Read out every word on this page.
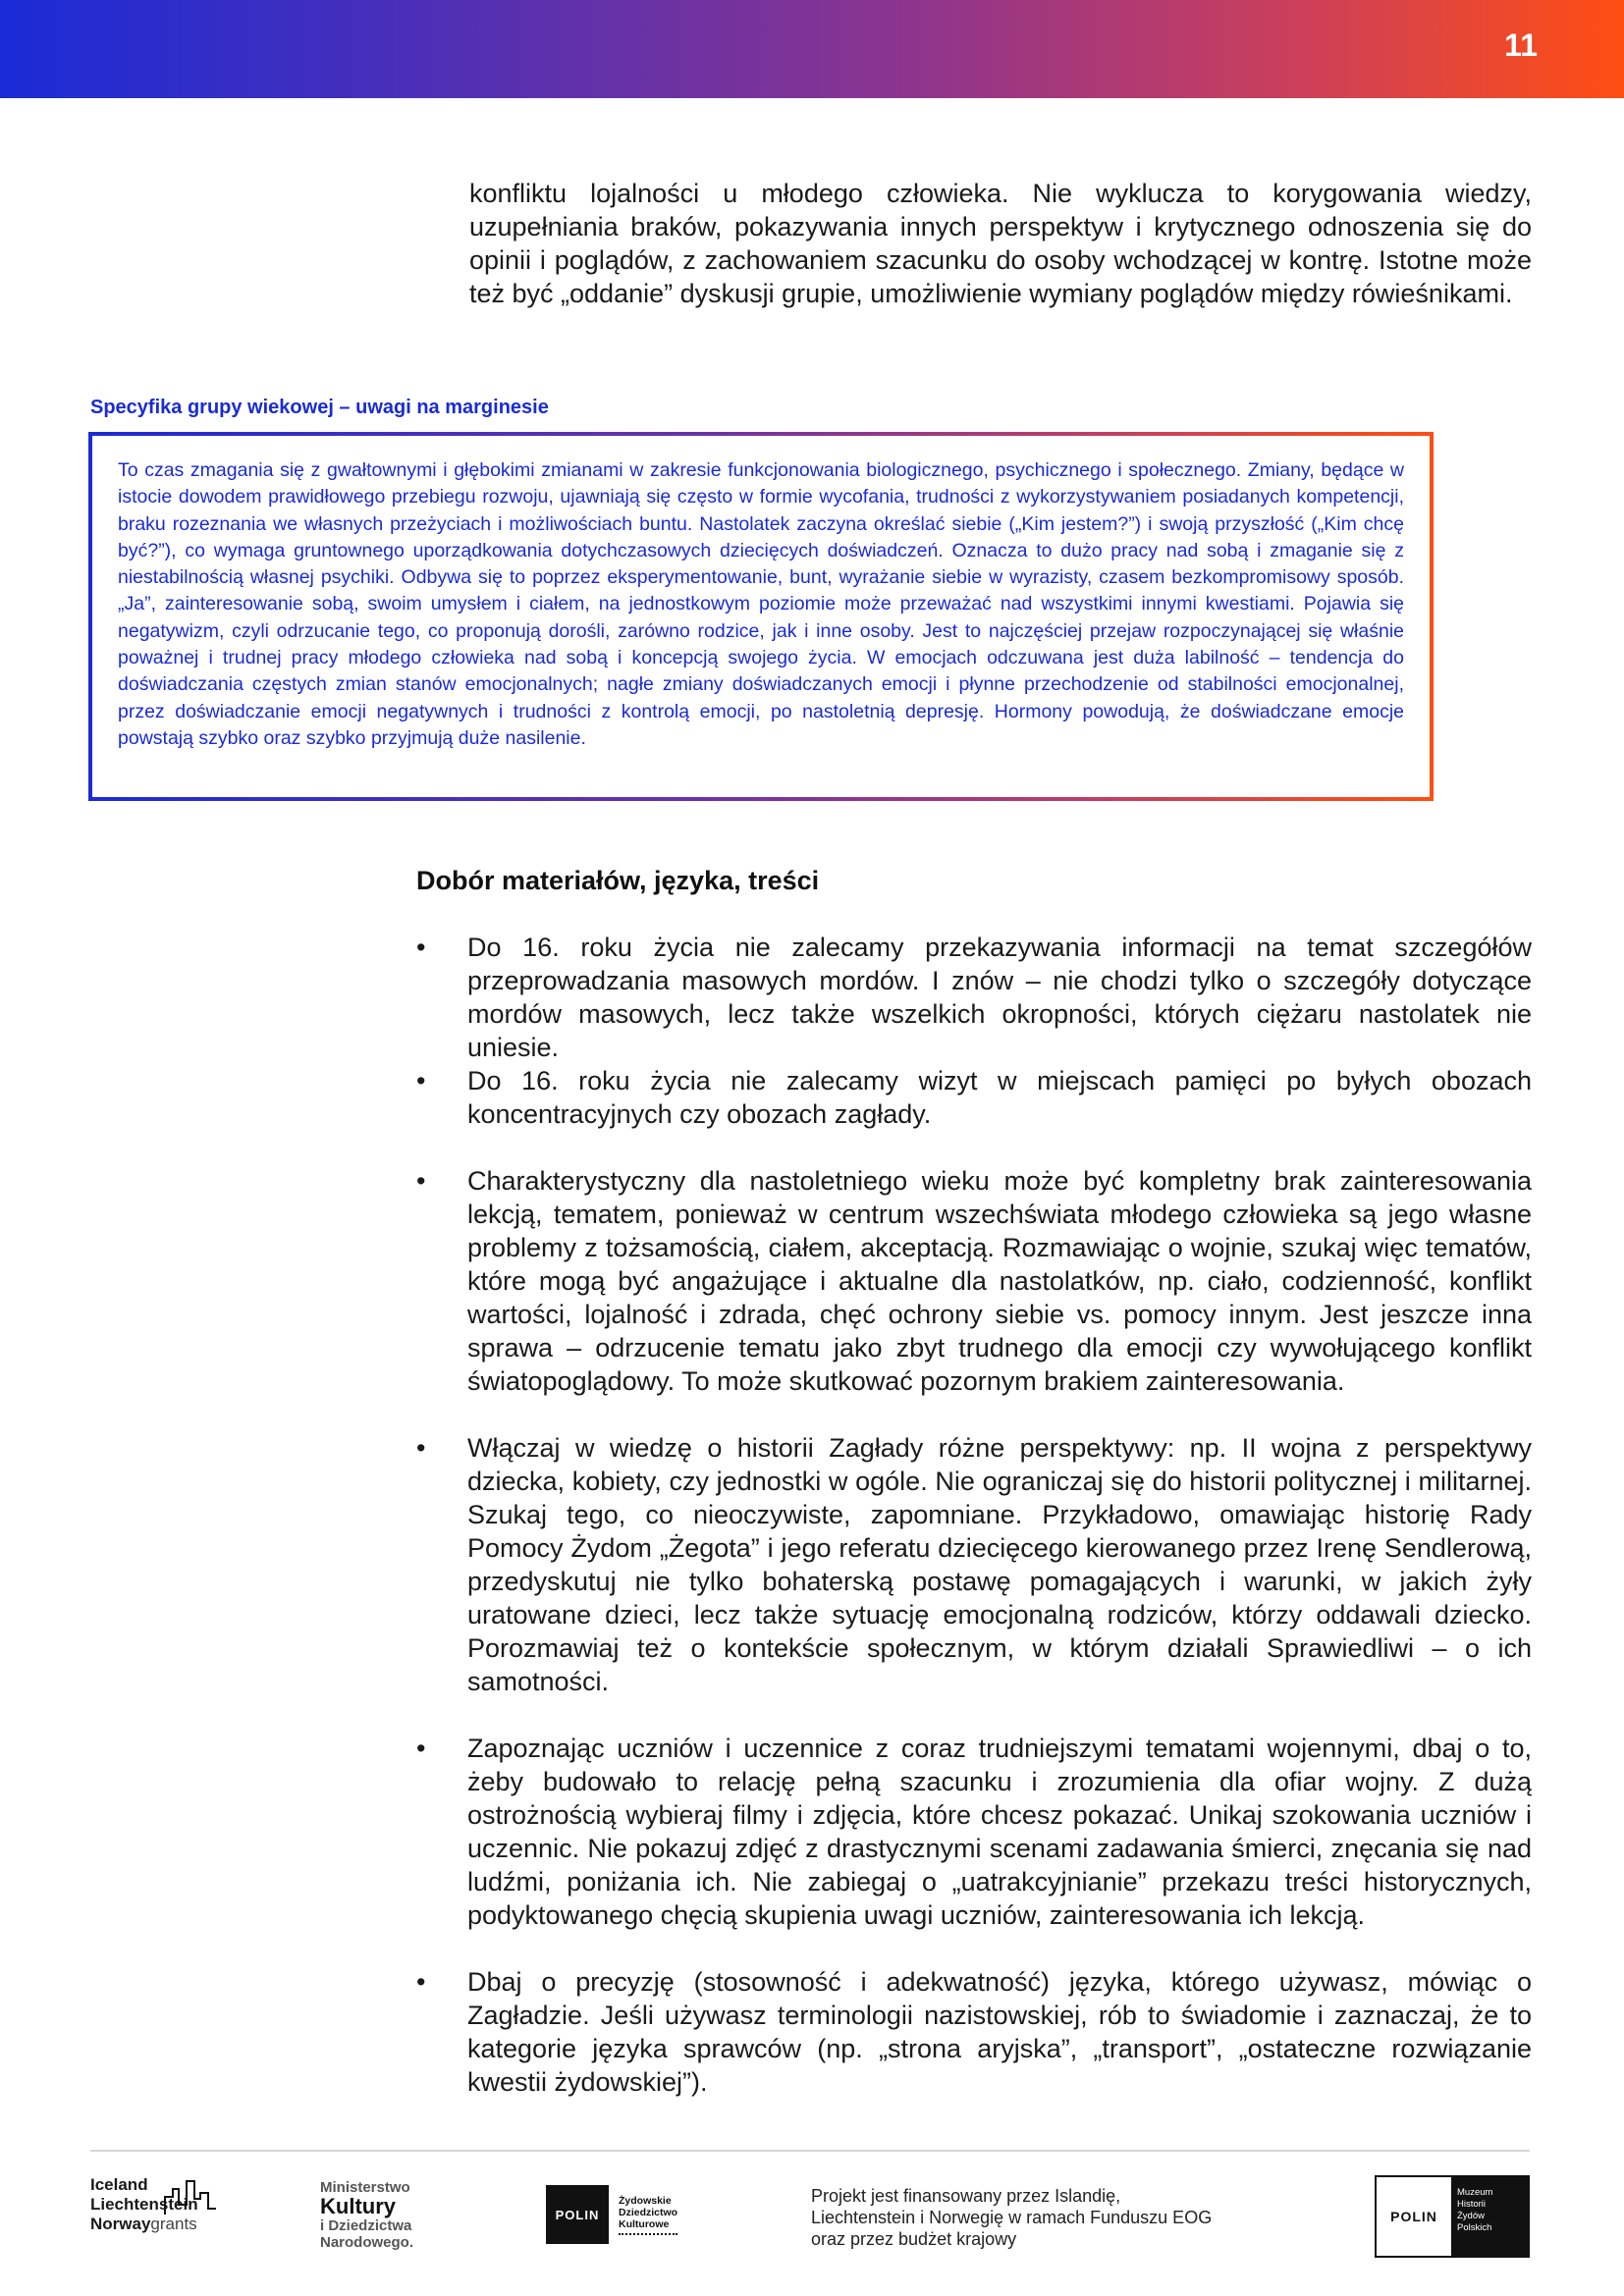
11

konfliktu lojalności u młodego człowieka. Nie wyklucza to korygowania wiedzy, uzupełniania braków, pokazywania innych perspektyw i krytycznego odnoszenia się do opinii i poglądów, z zachowaniem szacunku do osoby wchodzącej w kontrę. Istotne może też być „oddanie” dyskusji grupie, umożliwienie wymiany poglądów między rówieśnikami.

Specyfika grupy wiekowej – uwagi na marginesie

To czas zmagania się z gwałtownymi i głębokimi zmianami w zakresie funkcjonowania biologicznego, psychicznego i społecznego. Zmiany, będące w istocie dowodem prawidłowego przebiegu rozwoju, ujawniają się często w formie wycofania, trudności z wykorzystywaniem posiadanych kompetencji, braku rozeznania we własnych przeżyciach i możliwościach buntu. Nastolatek zaczyna określać siebie („Kim jestem?”) i swoją przyszłość („Kim chcę być?”), co wymaga gruntownego uporządkowania dotychczasowych dziecięcych doświadczeń. Oznacza to dużo pracy nad sobą i zmaganie się z niestabilnością własnej psychiki. Odbywa się to poprzez eksperymentowanie, bunt, wyrażanie siebie w wyrazisty, czasem bezkompromisowy sposób. „Ja”, zainteresowanie sobą, swoim umysłem i ciałem, na jednostkowym poziomie może przeważać nad wszystkimi innymi kwestiami. Pojawia się negatywizm, czyli odrzucanie tego, co proponują dorośli, zarówno rodzice, jak i inne osoby. Jest to najczęściej przejaw rozpoczynającej się właśnie poważnej i trudnej pracy młodego człowieka nad sobą i koncepcją swojego życia. W emocjach odczuwana jest duża labilność – tendencja do doświadczania częstych zmian stanów emocjonalnych; nagłe zmiany doświadczanych emocji i płynne przechodzenie od stabilności emocjonalnej, przez doświadczanie emocji negatywnych i trudności z kontrolą emocji, po nastoletnią depresję. Hormony powodują, że doświadczane emocje powstają szybko oraz szybko przyjmują duże nasilenie.

Dobór materiałów, języka, treści
•	Do 16. roku życia nie zalecamy przekazywania informacji na temat szczegółów przeprowadzania masowych mordów. I znów – nie chodzi tylko o szczegóły dotyczące mordów masowych, lecz także wszelkich okropności, których ciężaru nastolatek nie uniesie.
•	Do 16. roku życia nie zalecamy wizyt w miejscach pamięci po byłych obozach koncentracyjnych czy obozach zagłady.
•	Charakterystyczny dla nastoletniego wieku może być kompletny brak zainteresowania lekcją, tematem, ponieważ w centrum wszechświata młodego człowieka są jego własne problemy z tożsamością, ciałem, akceptacją. Rozmawiając o wojnie, szukaj więc tematów, które mogą być angażujące i aktualne dla nastolatków, np. ciało, codzienność, konflikt wartości, lojalność i zdrada, chęć ochrony siebie vs. pomocy innym. Jest jeszcze inna sprawa – odrzucenie tematu jako zbyt trudnego dla emocji czy wywołującego konflikt światopoglądowy. To może skutkować pozornym brakiem zainteresowania.
•	Włączaj w wiedzę o historii Zagłady różne perspektywy: np. II wojna z perspektywy dziecka, kobiety, czy jednostki w ogóle. Nie ograniczaj się do historii politycznej i militarnej. Szukaj tego, co nieoczywiste, zapomniane. Przykładowo, omawiając historię Rady Pomocy Żydom „Żegota” i jego referatu dziecięcego kierowanego przez Irenę Sendlerową, przedyskutuj nie tylko bohaterską postawę pomagających i warunki, w jakich żyły uratowane dzieci, lecz także sytuację emocjonalną rodziców, którzy oddawali dziecko. Porozmawiaj też o kontekście społecznym, w którym działali Sprawiedliwi – o ich samotności.
•	Zapoznając uczniów i uczennice z coraz trudniejszymi tematami wojennymi, dbaj o to, żeby budowało to relację pełną szacunku i zrozumienia dla ofiar wojny. Z dużą ostrożnością wybieraj filmy i zdjęcia, które chcesz pokazać. Unikaj szokowania uczniów i uczennic. Nie pokazuj zdjęć z drastycznymi scenami zadawania śmierci, znęcania się nad ludźmi, poniżania ich. Nie zabiegaj o „uatrakcyjnianie” przekazu treści historycznych, podyktowanego chęcią skupienia uwagi uczniów, zainteresowania ich lekcją.
•	Dbaj o precyzję (stosowność i adekwatność) języka, którego używasz, mówiąc o Zagładzie. Jeśli używasz terminologii nazistowskiej, rób to świadomie i zaznaczaj, że to kategorie języka sprawców (np. „strona aryjska”, „transport”, „ostateczne rozwiązanie kwestii żydowskiej”).
Iceland
Liechtenstein
Norwaygrants
Ministerstwo
Kultury
i Dziedzictwa
Narodowego.
POLIN
Żydowskie
Dziedzictwo
Kulturowe
Projekt jest finansowany przez Islandię,
Liechtenstein i Norwegię w ramach Funduszu EOG
oraz przez budżet krajowy
POLIN
Muzeum
Historii
Żydów
Polskich
